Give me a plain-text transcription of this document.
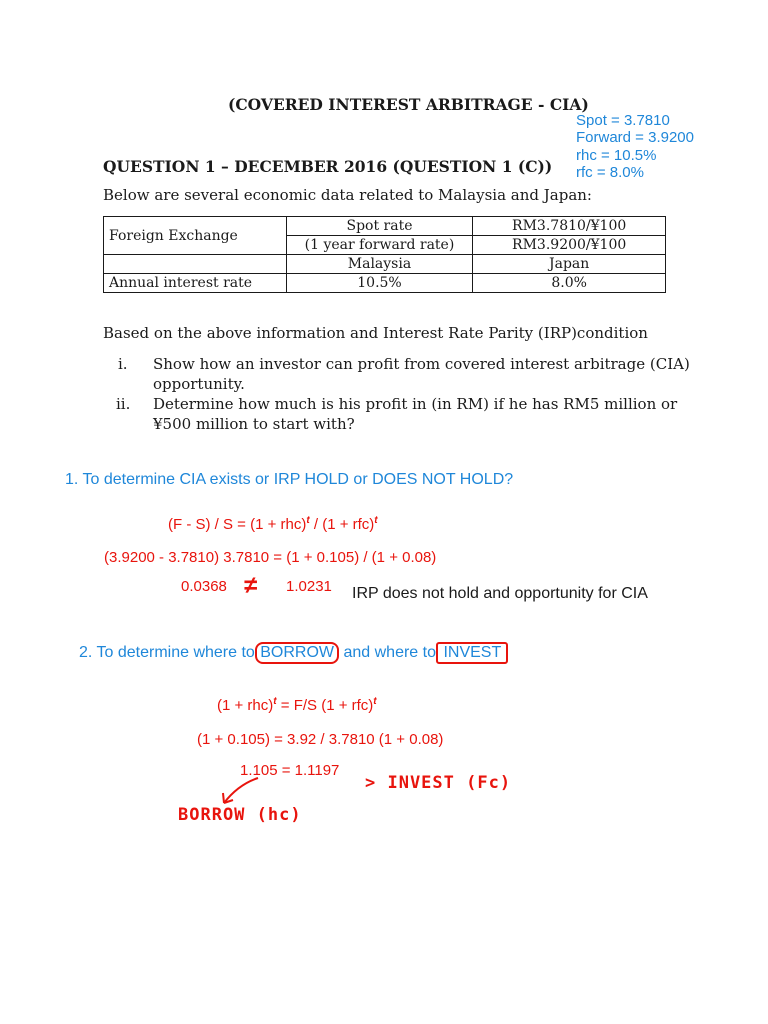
(COVERED INTEREST ARBITRAGE - CIA)
QUESTION 1 – DECEMBER 2016 (QUESTION 1 (C))
Below are several economic data related to Malaysia and Japan:
Spot = 3.7810
Forward = 3.9200
rhc = 10.5%
rfc = 8.0%
Foreign Exchange	Spot rate	RM3.7810/¥100
	(1 year forward rate)	RM3.9200/¥100
	Malaysia	Japan
Annual interest rate	10.5%	8.0%
Based on the above information and Interest Rate Parity (IRP)condition
i. Show how an investor can profit from covered interest arbitrage (CIA)
opportunity.
ii. Determine how much is his profit in (in RM) if he has RM5 million or
¥500 million to start with?
1. To determine CIA exists or IRP HOLD or DOES NOT HOLD?
(F - S) / S = (1 + rhc)$^t$ / (1 + rfc)$^t$
(3.9200 - 3.7810) 3.7810 = (1 + 0.105) / (1 + 0.08)
0.0368 ≠ 1.0231 IRP does not hold and opportunity for CIA
2. To determine where to BORROW and where to INVEST
(1 + rhc)$^t$ = F/S (1 + rfc)$^t$
(1 + 0.105) = 3.92 / 3.7810 (1 + 0.08)
1.105 = 1.1197
> INVEST (Fc)
BORROW (hc)
